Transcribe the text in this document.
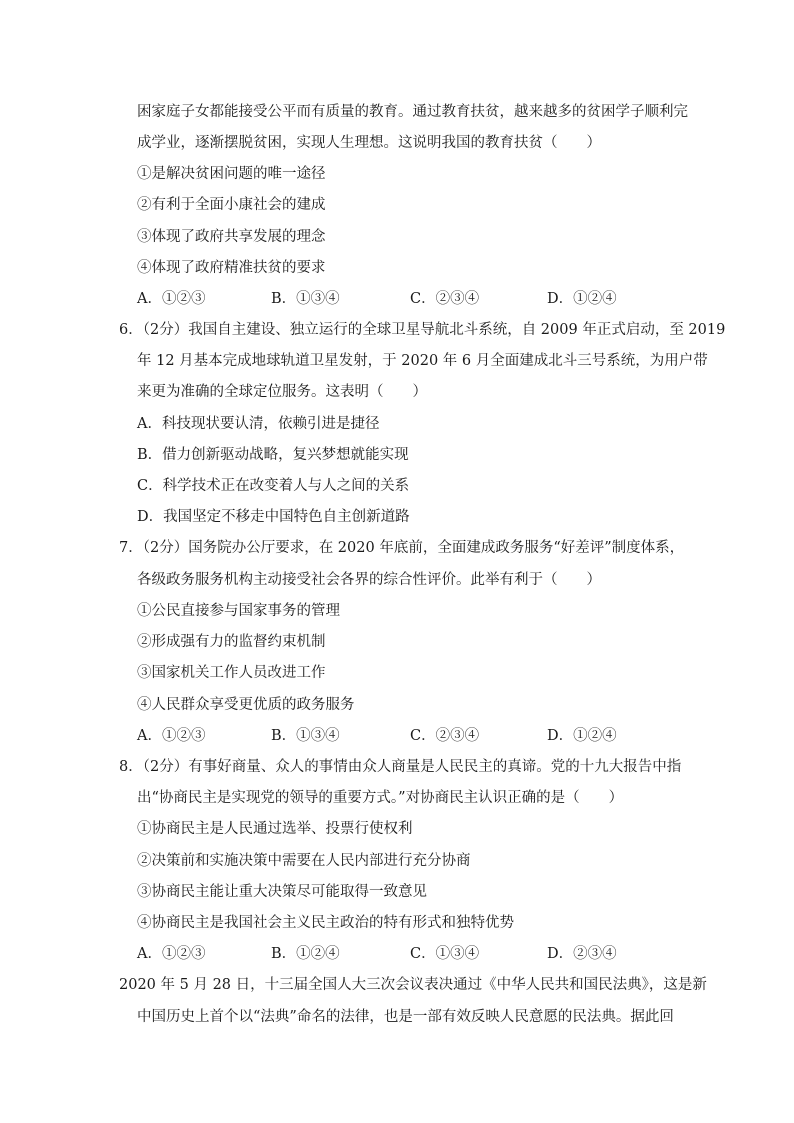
困家庭子女都能接受公平而有质量的教育。通过教育扶贫，越来越多的贫困学子顺利完
成学业，逐渐摆脱贫困，实现人生理想。这说明我国的教育扶贫（　　）
①是解决贫困问题的唯一途径
②有利于全面小康社会的建成
③体现了政府共享发展的理念
④体现了政府精准扶贫的要求
A．①②③	B．①③④	C．②③④	D．①②④
6．（2分）我国自主建设、独立运行的全球卫星导航北斗系统，自 2009 年正式启动，至 2019
年 12 月基本完成地球轨道卫星发射，于 2020 年 6 月全面建成北斗三号系统，为用户带
来更为准确的全球定位服务。这表明（　　）
A．科技现状要认清，依赖引进是捷径
B．借力创新驱动战略，复兴梦想就能实现
C．科学技术正在改变着人与人之间的关系
D．我国坚定不移走中国特色自主创新道路
7．（2分）国务院办公厅要求，在 2020 年底前，全面建成政务服务“好差评”制度体系，
各级政务服务机构主动接受社会各界的综合性评价。此举有利于（　　）
①公民直接参与国家事务的管理
②形成强有力的监督约束机制
③国家机关工作人员改进工作
④人民群众享受更优质的政务服务
A．①②③	B．①③④	C．②③④	D．①②④
8．（2分）有事好商量、众人的事情由众人商量是人民民主的真谛。党的十九大报告中指
出“协商民主是实现党的领导的重要方式。”对协商民主认识正确的是（　　）
①协商民主是人民通过选举、投票行使权利
②决策前和实施决策中需要在人民内部进行充分协商
③协商民主能让重大决策尽可能取得一致意见
④协商民主是我国社会主义民主政治的特有形式和独特优势
A．①②③	B．①②④	C．①③④	D．②③④
2020 年 5 月 28 日，十三届全国人大三次会议表决通过《中华人民共和国民法典》，这是新
中国历史上首个以“法典”命名的法律，也是一部有效反映人民意愿的民法典。据此回
